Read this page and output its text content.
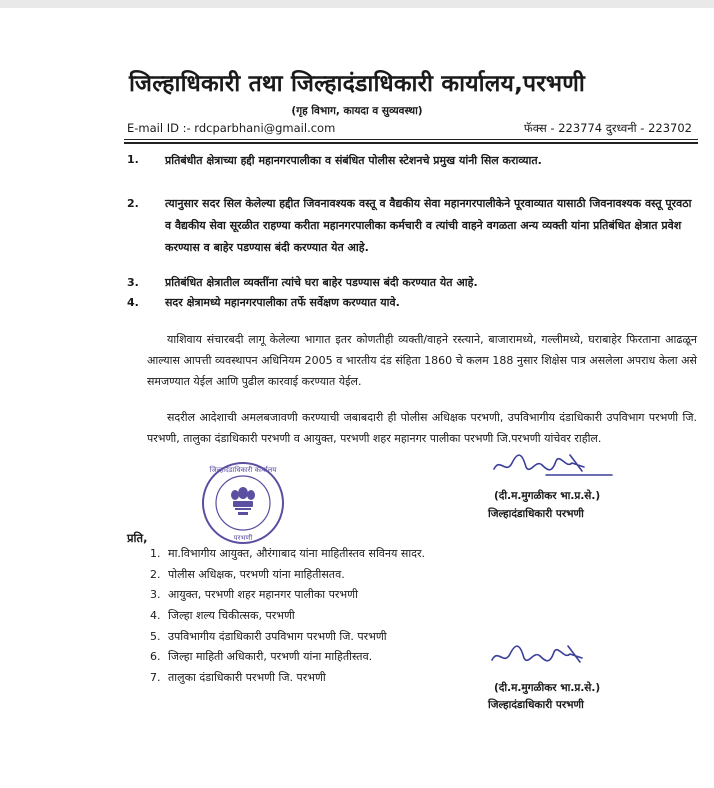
जिल्हाधिकारी तथा जिल्हादंडाधिकारी कार्यालय,परभणी
(गृह विभाग, कायदा व सुव्यवस्था)
E-mail ID :- rdcparbhani@gmail.com	फॅक्स - 223774 दुरध्वनी - 223702
1. प्रतिबंधीत क्षेत्राच्या हद्दी महानगरपालीका व संबंधित पोलीस स्टेशनचे प्रमुख यांनी सिल कराव्यात.
2. त्यानुसार सदर सिल केलेल्या हद्दीत जिवनावश्यक वस्तू व वैद्यकीय सेवा महानगरपालीकेने पूरवाव्यात यासाठी जिवनावश्यक वस्तू पूरवठा व वैद्यकीय सेवा सूरळीत राहण्या करीता महानगरपालीका कर्मचारी व त्यांची वाहने वगळता अन्य व्यक्ती यांना प्रतिबंधित क्षेत्रात प्रवेश करण्यास व बाहेर पडण्यास बंदी करण्यात येत आहे.
3. प्रतिबंधित क्षेत्रातील व्यक्तींना त्यांचे घरा बाहेर पडण्यास बंदी करण्यात येत आहे.
4. सदर क्षेत्रामध्ये महानगरपालीका तर्फे सर्वेक्षण करण्यात यावे.
याशिवाय संचारबदी लागू केलेल्या भागात इतर कोणतीही व्यक्ती/वाहने रस्त्याने, बाजारामध्ये, गल्लीमध्ये, घराबाहेर फिरताना आढळून आल्यास आपत्ती व्यवस्थापन अधिनियम 2005 व भारतीय दंड संहिता 1860 चे कलम 188 नुसार शिक्षेस पात्र असलेला अपराध केला असे समजण्यात येईल आणि पुढील कारवाई करण्यात येईल.
सदरील आदेशाची अमलबजावणी करण्याची जबाबदारी ही पोलीस अधिक्षक परभणी, उपविभागीय दंडाधिकारी उपविभाग परभणी जि. परभणी, तालुका दंडाधिकारी परभणी व आयुक्त, परभणी शहर महानगर पालीका परभणी जि.परभणी यांचेवर राहील.
जिल्हादंडाधिकारी कार्यालय
परभणी
(दी.म.मुगळीकर भा.प्र.से.)
जिल्हादंडाधिकारी परभणी
प्रति,
1. मा.विभागीय आयुक्त, औरंगाबाद यांना माहितीस्तव सविनय सादर.
2. पोलीस अधिक्षक, परभणी यांना माहितीसतव.
3. आयुक्त, परभणी शहर महानगर पालीका परभणी
4. जिल्हा शल्य चिकीत्सक, परभणी
5. उपविभागीय दंडाधिकारी उपविभाग परभणी जि. परभणी
6. जिल्हा माहिती अधिकारी, परभणी यांना माहितीस्तव.
7. तालुका दंडाधिकारी परभणी जि. परभणी
(दी.म.मुगळीकर भा.प्र.से.)
जिल्हादंडाधिकारी परभणी
